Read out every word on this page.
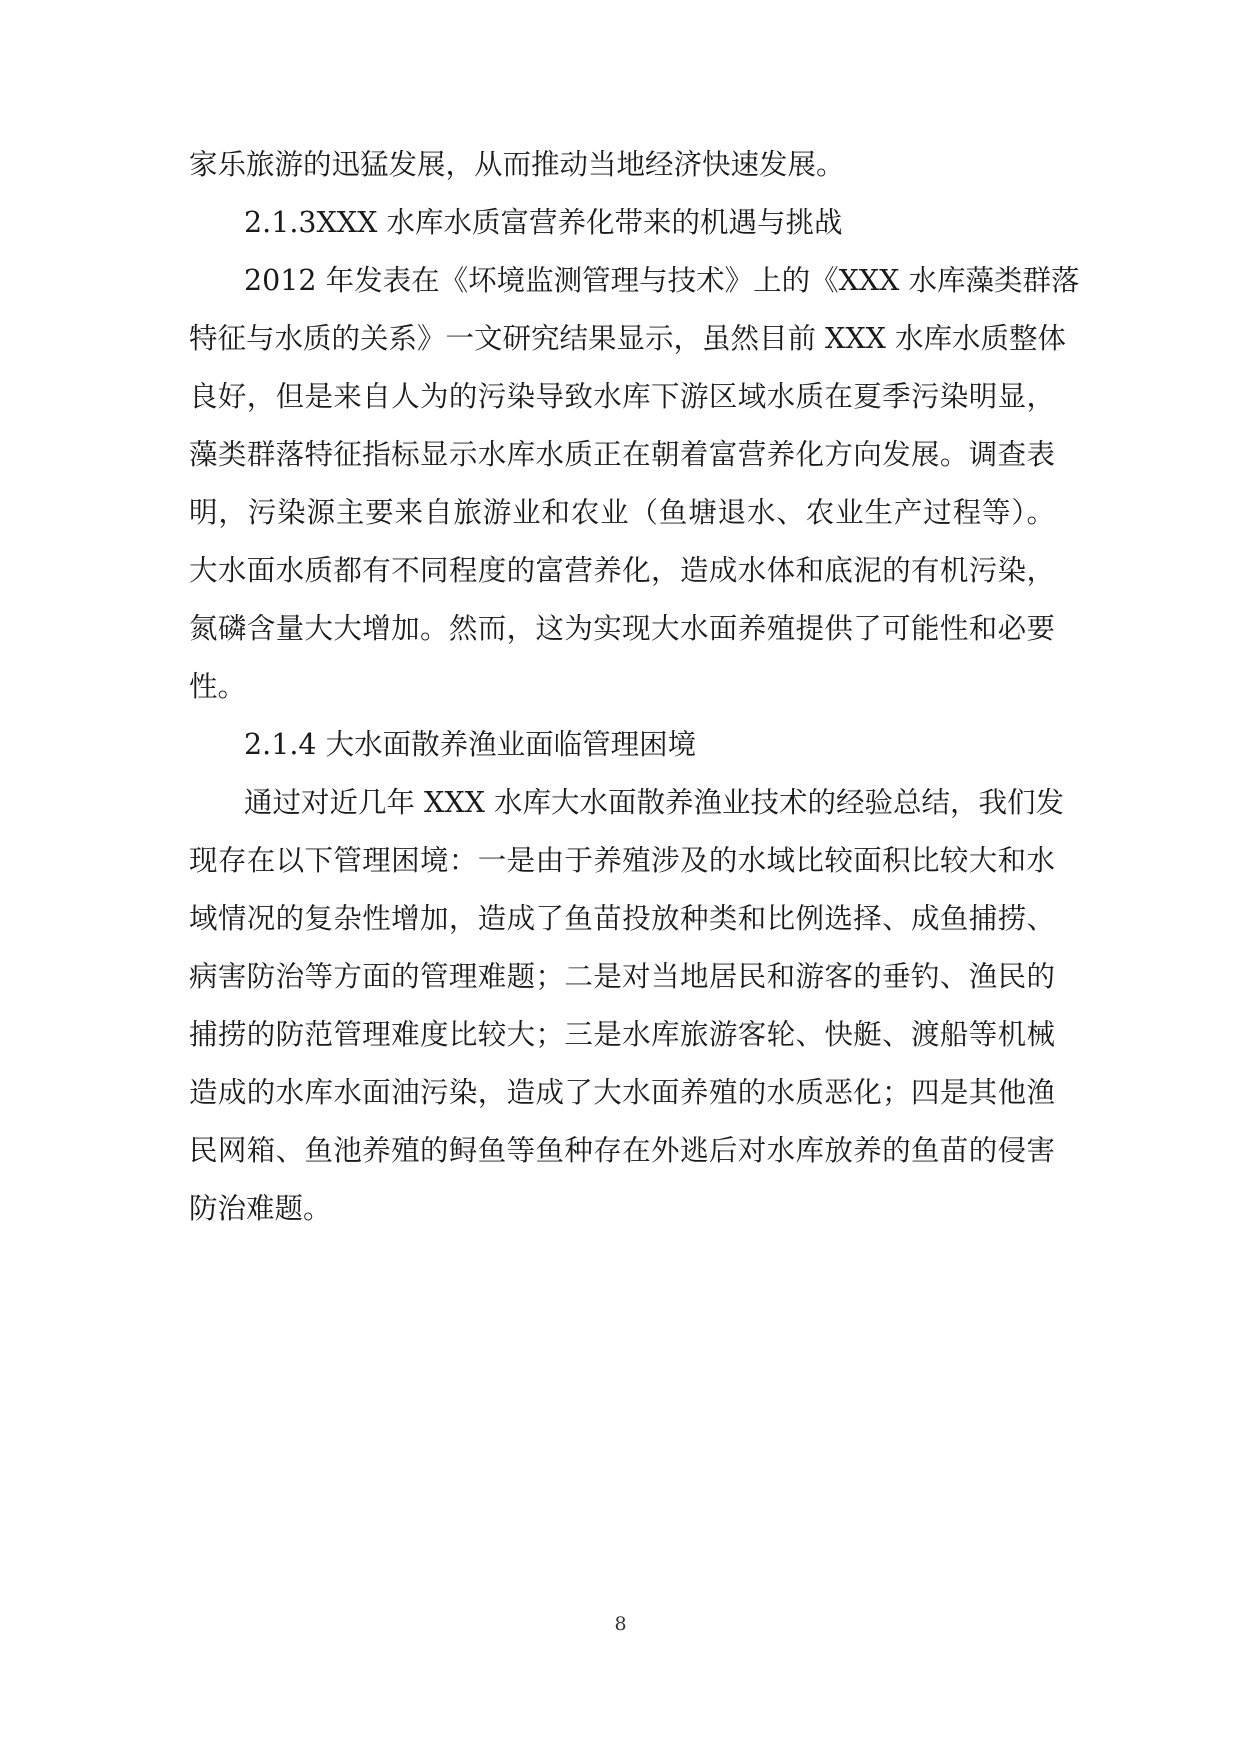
家乐旅游的迅猛发展，从而推动当地经济快速发展。
2.1.3XXX 水库水质富营养化带来的机遇与挑战
2012 年发表在《坏境监测管理与技术》上的《XXX 水库藻类群落
特征与水质的关系》一文研究结果显示，虽然目前 XXX 水库水质整体
良好，但是来自人为的污染导致水库下游区域水质在夏季污染明显，
藻类群落特征指标显示水库水质正在朝着富营养化方向发展。调查表
明，污染源主要来自旅游业和农业（鱼塘退水、农业生产过程等）。
大水面水质都有不同程度的富营养化，造成水体和底泥的有机污染，
氮磷含量大大增加。然而，这为实现大水面养殖提供了可能性和必要
性。
2.1.4 大水面散养渔业面临管理困境
通过对近几年 XXX 水库大水面散养渔业技术的经验总结，我们发
现存在以下管理困境：一是由于养殖涉及的水域比较面积比较大和水
域情况的复杂性增加，造成了鱼苗投放种类和比例选择、成鱼捕捞、
病害防治等方面的管理难题；二是对当地居民和游客的垂钓、渔民的
捕捞的防范管理难度比较大；三是水库旅游客轮、快艇、渡船等机械
造成的水库水面油污染，造成了大水面养殖的水质恶化；四是其他渔
民网箱、鱼池养殖的鲟鱼等鱼种存在外逃后对水库放养的鱼苗的侵害
防治难题。
8
